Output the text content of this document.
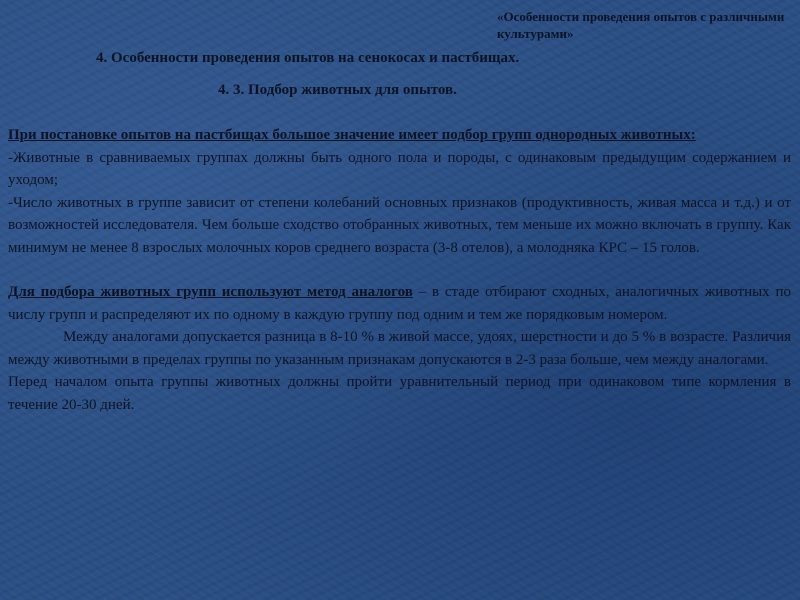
«Особенности проведения опытов с различными культурами»
4. Особенности проведения опытов на сенокосах и пастбищах.
4. 3. Подбор животных для опытов.

При постановке опытов на пастбищах большое значение имеет подбор групп однородных животных:

-Животные в сравниваемых группах должны быть одного пола и породы, с одинаковым предыдущим содержанием и уходом;

-Число животных в группе зависит от степени колебаний основных признаков (продуктивность, живая масса и т.д.) и от возможностей исследователя. Чем больше сходство отобранных животных, тем меньше их можно включать в группу. Как минимум не менее 8 взрослых молочных коров среднего возраста (3-8 отелов), а молодняка КРС – 15 голов.

Для подбора животных групп используют метод аналогов – в стаде отбирают сходных, аналогичных животных по числу групп и распределяют их по одному в каждую группу под одним и тем же порядковым номером.

Между аналогами допускается разница в 8-10 % в живой массе, удоях, шерстности и до 5 % в возрасте. Различия между животными в пределах группы по указанным признакам допускаются в 2-3 раза больше, чем между аналогами.

Перед началом опыта группы животных должны пройти уравнительный период при одинаковом типе кормления в течение 20-30 дней.
